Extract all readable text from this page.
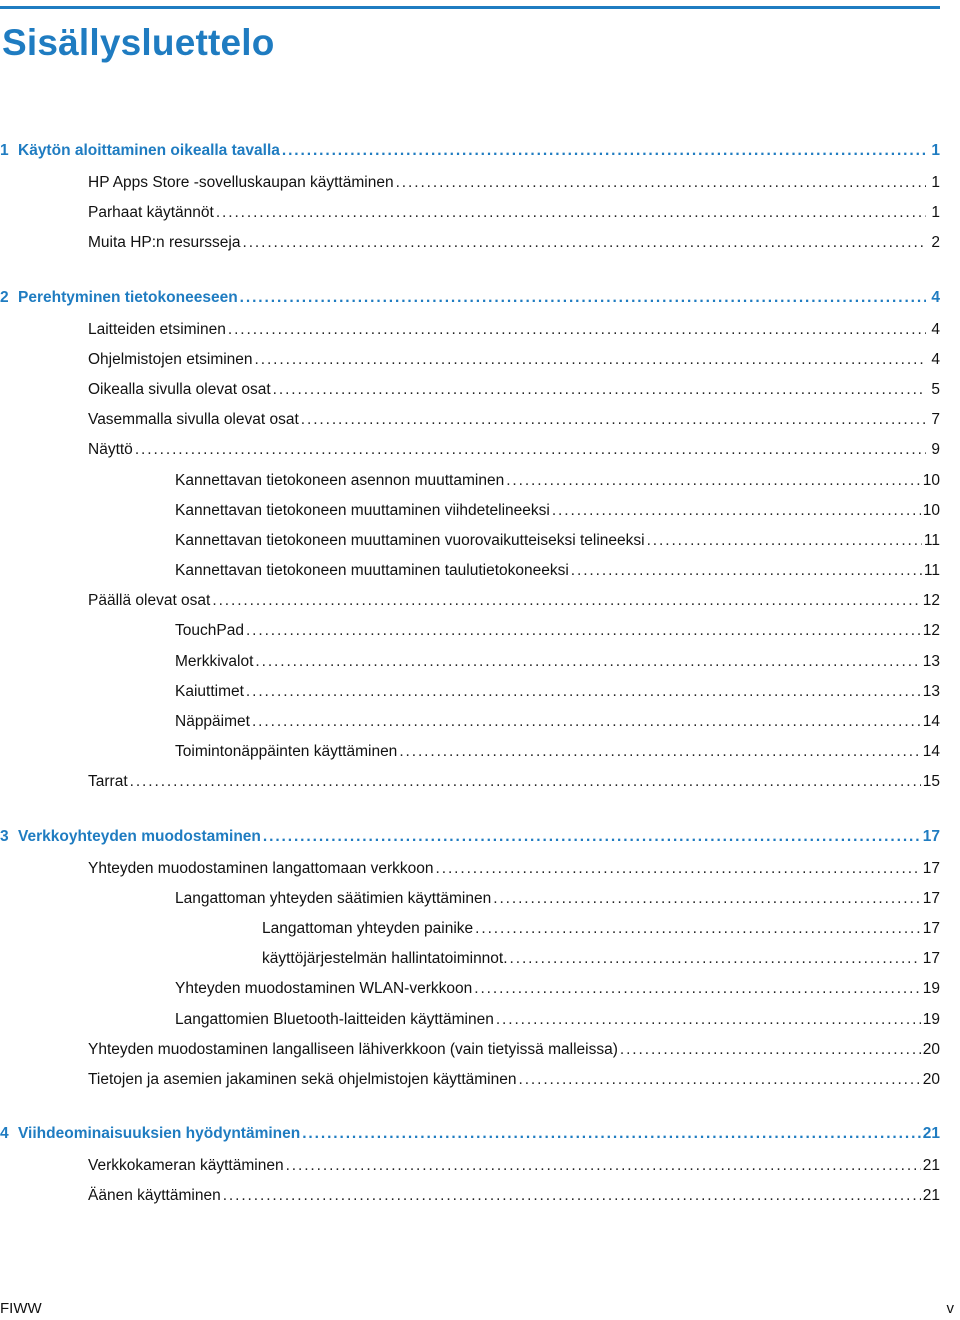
Sisällysluettelo
1 Käytön aloittaminen oikealla tavalla . . .	1
HP Apps Store -sovelluskaupan käyttäminen . . .	1
Parhaat käytännöt . . .	1
Muita HP:n resursseja . . .	2
2 Perehtyminen tietokoneeseen . . .	4
Laitteiden etsiminen . . .	4
Ohjelmistojen etsiminen . . .	4
Oikealla sivulla olevat osat . . .	5
Vasemmalla sivulla olevat osat . . .	7
Näyttö . . .	9
Kannettavan tietokoneen asennon muuttaminen . . .	10
Kannettavan tietokoneen muuttaminen viihdetelineeksi . . .	10
Kannettavan tietokoneen muuttaminen vuorovaikutteiseksi telineeksi . . .	11
Kannettavan tietokoneen muuttaminen taulutietokoneeksi . . .	11
Päällä olevat osat . . .	12
TouchPad . . .	12
Merkkivalot . . .	13
Kaiuttimet . . .	13
Näppäimet . . .	14
Toimintonäppäinten käyttäminen . . .	14
Tarrat . . .	15
3 Verkkoyhteyden muodostaminen . . .	17
Yhteyden muodostaminen langattomaan verkkoon . . .	17
Langattoman yhteyden säätimien käyttäminen . . .	17
Langattoman yhteyden painike . . .	17
käyttöjärjestelmän hallintatoiminnot. . . .	17
Yhteyden muodostaminen WLAN-verkkoon . . .	19
Langattomien Bluetooth-laitteiden käyttäminen . . .	19
Yhteyden muodostaminen langalliseen lähiverkkoon (vain tietyissä malleissa) . . .	20
Tietojen ja asemien jakaminen sekä ohjelmistojen käyttäminen . . .	20
4 Viihdeominaisuuksien hyödyntäminen . . .	21
Verkkokameran käyttäminen . . .	21
Äänen käyttäminen . . .	21
FIWW	v
